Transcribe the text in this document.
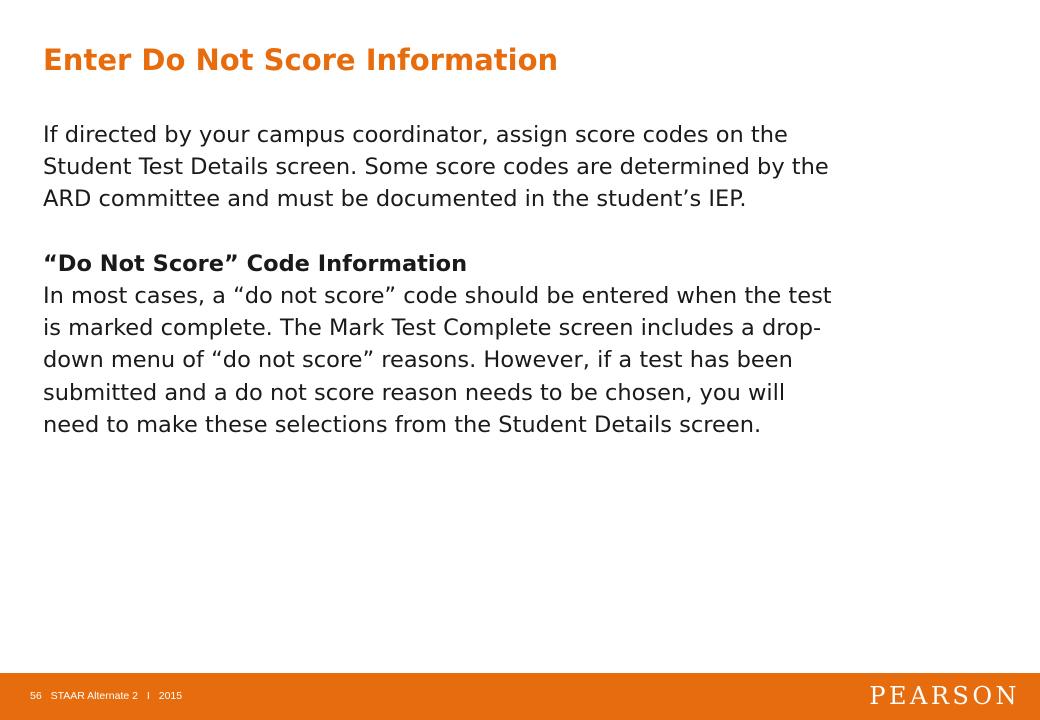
Enter Do Not Score Information

If directed by your campus coordinator, assign score codes on the
Student Test Details screen. Some score codes are determined by the
ARD committee and must be documented in the student’s IEP.

“Do Not Score” Code Information

In most cases, a “do not score” code should be entered when the test
is marked complete. The Mark Test Complete screen includes a drop-
down menu of “do not score” reasons. However, if a test has been
submitted and a do not score reason needs to be chosen, you will
need to make these selections from the Student Details screen.

56 STAAR Alternate 2 I 2015	PEARSON
